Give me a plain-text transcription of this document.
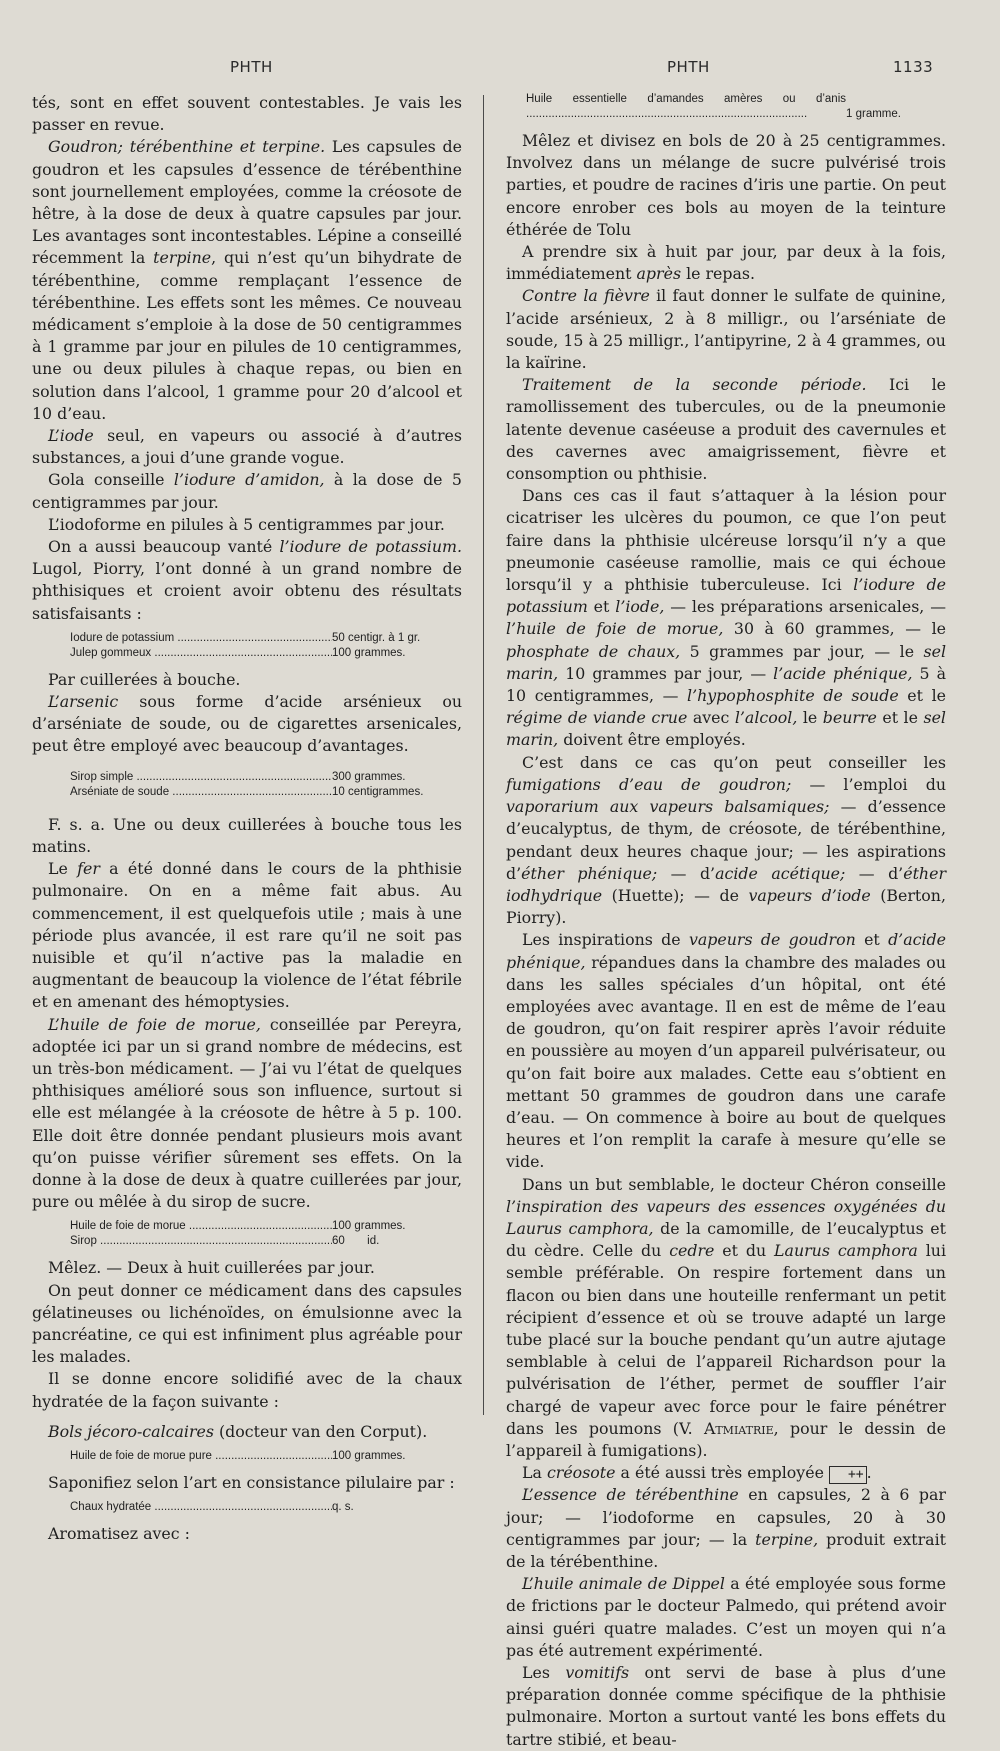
PHTH	PHTH	1133

tés, sont en effet souvent contestables. Je vais les passer en revue.

Goudron; térébenthine et terpine. Les capsules de goudron et les capsules d’essence de térébenthine sont journellement employées, comme la créosote de hêtre, à la dose de deux à quatre capsules par jour. Les avantages sont incontestables. Lépine a conseillé récemment la terpine, qui n’est qu’un bihydrate de térébenthine, comme remplaçant l’essence de térébenthine. Les effets sont les mêmes. Ce nouveau médicament s’emploie à la dose de 50 centigrammes à 1 gramme par jour en pilules de 10 centigrammes, une ou deux pilules à chaque repas, ou bien en solution dans l’alcool, 1 gramme pour 20 d’alcool et 10 d’eau.

L’iode seul, en vapeurs ou associé à d’autres substances, a joui d’une grande vogue.

Gola conseille l’iodure d’amidon, à la dose de 5 centigrammes par jour.

L’iodoforme en pilules à 5 centigrammes par jour.

On a aussi beaucoup vanté l’iodure de potassium. Lugol, Piorry, l’ont donné à un grand nombre de phthisiques et croient avoir obtenu des résultats satisfaisants :

Iodure de potassium .....	50 centigr. à 1 gr.
Julep gommeux .....	100 grammes.

Par cuillerées à bouche.

L’arsenic sous forme d’acide arsénieux ou d’arséniate de soude, ou de cigarettes arsenicales, peut être employé avec beaucoup d’avantages.

Sirop simple .....	300 grammes.
Arséniate de soude .....	10 centigrammes.

F. s. a. Une ou deux cuillerées à bouche tous les matins.

Le fer a été donné dans le cours de la phthisie pulmonaire. On en a même fait abus. Au commencement, il est quelquefois utile ; mais à une période plus avancée, il est rare qu’il ne soit pas nuisible et qu’il n’active pas la maladie en augmentant de beaucoup la violence de l’état fébrile et en amenant des hémoptysies.

L’huile de foie de morue, conseillée par Pereyra, adoptée ici par un si grand nombre de médecins, est un très-bon médicament. — J’ai vu l’état de quelques phthisiques amélioré sous son influence, surtout si elle est mélangée à la créosote de hêtre à 5 p. 100. Elle doit être donnée pendant plusieurs mois avant qu’on puisse vérifier sûrement ses effets. On la donne à la dose de deux à quatre cuillerées par jour, pure ou mêlée à du sirop de sucre.

Huile de foie de morue .....	100 grammes.
Sirop .....	60       id.

Mêlez. — Deux à huit cuillerées par jour.

On peut donner ce médicament dans des capsules gélatineuses ou lichénoïdes, on émulsionne avec la pancréatine, ce qui est infiniment plus agréable pour les malades.

Il se donne encore solidifié avec de la chaux hydratée de la façon suivante :

Bols jécoro-calcaires (docteur van den Corput).

Huile de foie de morue pure .....	100 grammes.

Saponifiez selon l’art en consistance pilulaire par :

Chaux hydratée .....	q. s.

Aromatisez avec :

Huile essentielle d’amandes amères ou d’anis .....
1 gramme.

Mêlez et divisez en bols de 20 à 25 centigrammes. Involvez dans un mélange de sucre pulvérisé trois parties, et poudre de racines d’iris une partie. On peut encore enrober ces bols au moyen de la teinture éthérée de Tolu

A prendre six à huit par jour, par deux à la fois, immédiatement après le repas.

Contre la fièvre il faut donner le sulfate de quinine, l’acide arsénieux, 2 à 8 milligr., ou l’arséniate de soude, 15 à 25 milligr., l’antipyrine, 2 à 4 grammes, ou la kaïrine.

Traitement de la seconde période. Ici le ramollissement des tubercules, ou de la pneumonie latente devenue caséeuse a produit des cavernules et des cavernes avec amaigrissement, fièvre et consomption ou phthisie.

Dans ces cas il faut s’attaquer à la lésion pour cicatriser les ulcères du poumon, ce que l’on peut faire dans la phthisie ulcéreuse lorsqu’il n’y a que pneumonie caséeuse ramollie, mais ce qui échoue lorsqu’il y a phthisie tuberculeuse. Ici l’iodure de potassium et l’iode, — les préparations arsenicales, — l’huile de foie de morue, 30 à 60 grammes, — le phosphate de chaux, 5 grammes par jour, — le sel marin, 10 grammes par jour, — l’acide phénique, 5 à 10 centigrammes, — l’hypophosphite de soude et le régime de viande crue avec l’alcool, le beurre et le sel marin, doivent être employés.

C’est dans ce cas qu’on peut conseiller les fumigations d’eau de goudron; — l’emploi du vaporarium aux vapeurs balsamiques; — d’essence d’eucalyptus, de thym, de créosote, de térébenthine, pendant deux heures chaque jour; — les aspirations d’éther phénique; — d’acide acétique; — d’éther iodhydrique (Huette); — de vapeurs d’iode (Berton, Piorry).

Les inspirations de vapeurs de goudron et d’acide phénique, répandues dans la chambre des malades ou dans les salles spéciales d’un hôpital, ont été employées avec avantage. Il en est de même de l’eau de goudron, qu’on fait respirer après l’avoir réduite en poussière au moyen d’un appareil pulvérisateur, ou qu’on fait boire aux malades. Cette eau s’obtient en mettant 50 grammes de goudron dans une carafe d’eau. — On commence à boire au bout de quelques heures et l’on remplit la carafe à mesure qu’elle se vide.

Dans un but semblable, le docteur Chéron conseille l’inspiration des vapeurs des essences oxygénées du Laurus camphora, de la camomille, de l’eucalyptus et du cèdre. Celle du cedre et du Laurus camphora lui semble préférable. On respire fortement dans un flacon ou bien dans une houteille renfermant un petit récipient d’essence et où se trouve adapté un large tube placé sur la bouche pendant qu’un autre ajutage semblable à celui de l’appareil Richardson pour la pulvérisation de l’éther, permet de souffler l’air chargé de vapeur avec force pour le faire pénétrer dans les poumons (V. Atmiatrie, pour le dessin de l’appareil à fumigations).

La créosote a été aussi très employée ++ .

L’essence de térébenthine en capsules, 2 à 6 par jour; — l’iodoforme en capsules, 20 à 30 centigrammes par jour; — la terpine, produit extrait de la térébenthine.

L’huile animale de Dippel a été employée sous forme de frictions par le docteur Palmedo, qui prétend avoir ainsi guéri quatre malades. C’est un moyen qui n’a pas été autrement expérimenté.

Les vomitifs ont servi de base à plus d’une préparation donnée comme spécifique de la phthisie pulmonaire. Morton a surtout vanté les bons effets du tartre stibié, et beau-
